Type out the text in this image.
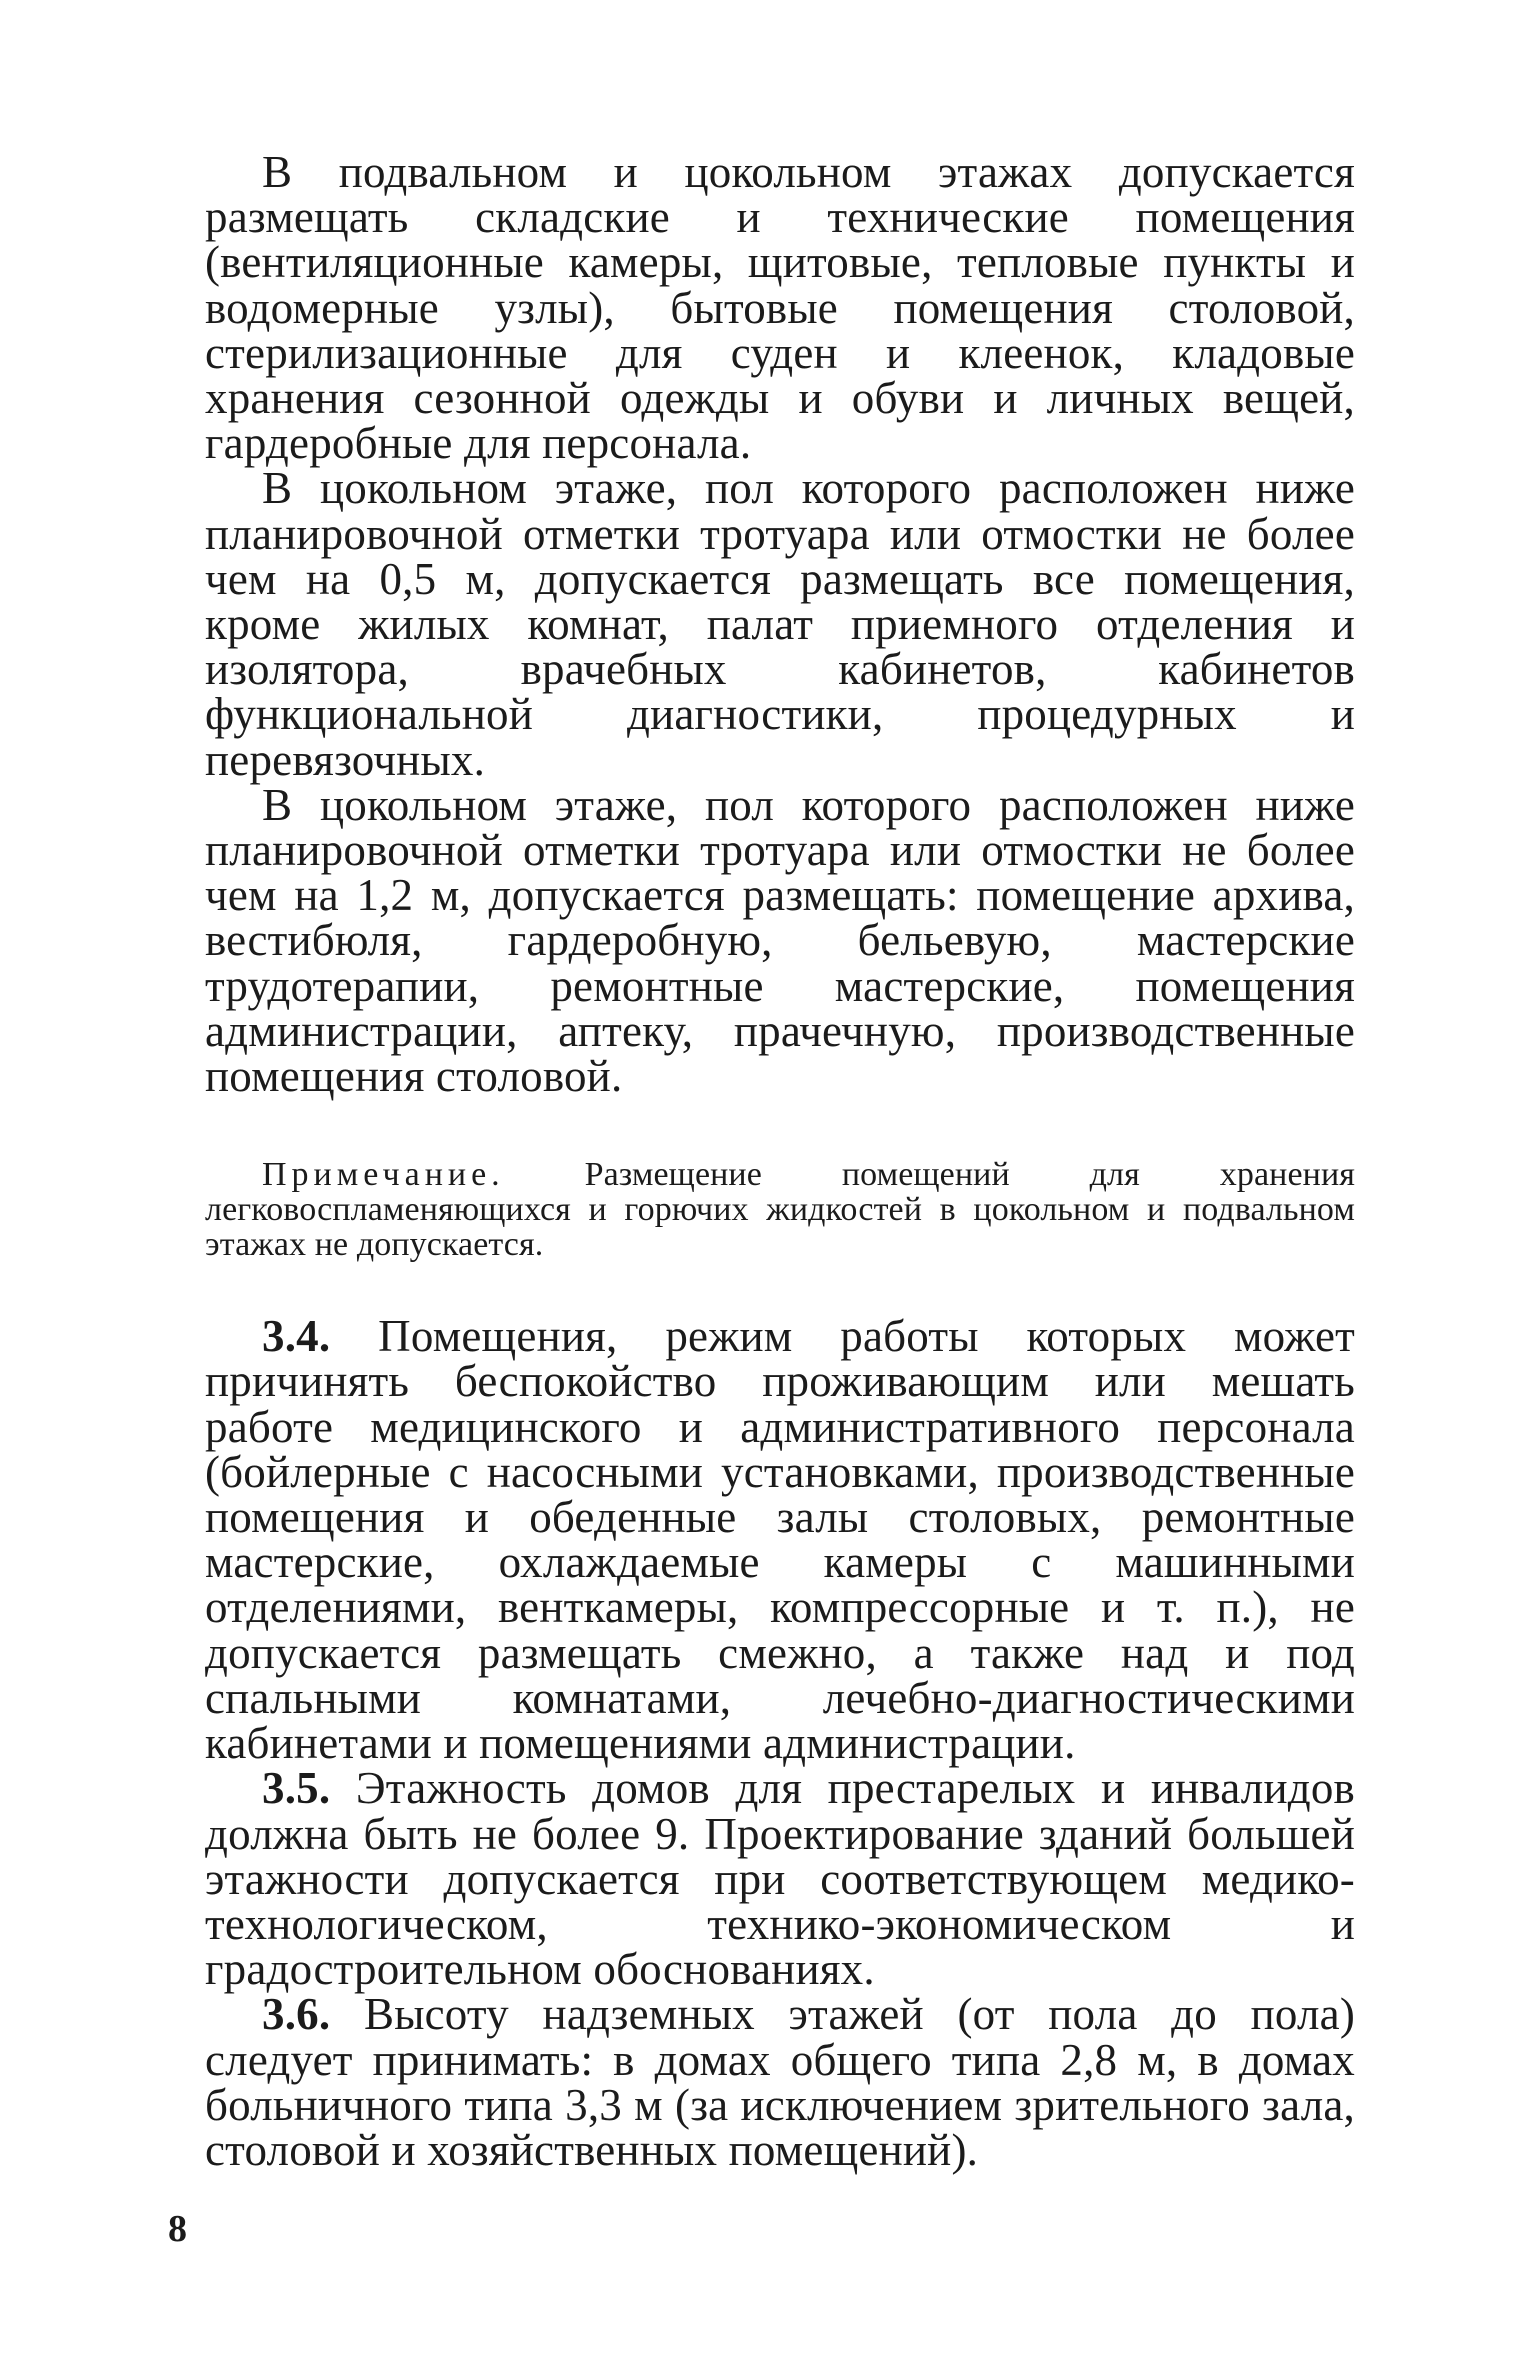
В подвальном и цокольном этажах допускается размещать складские и технические помещения (вентиляционные камеры, щитовые, тепловые пункты и водомерные узлы), бытовые помещения столовой, стерилизационные для суден и клеенок, кладовые хранения сезонной одежды и обуви и личных вещей, гардеробные для персонала.

В цокольном этаже, пол которого расположен ниже планировочной отметки тротуара или отмостки не более чем на 0,5 м, допускается размещать все помещения, кроме жилых комнат, палат приемного отделения и изолятора, врачебных кабинетов, кабинетов функциональной диагностики, процедурных и перевязочных.

В цокольном этаже, пол которого расположен ниже планировочной отметки тротуара или отмостки не более чем на 1,2 м, допускается размещать: помещение архива, вестибюля, гардеробную, бельевую, мастерские трудотерапии, ремонтные мастерские, помещения администрации, аптеку, прачечную, производственные помещения столовой.

Примечание. Размещение помещений для хранения легковоспламеняющихся и горючих жидкостей в цокольном и подвальном этажах не допускается.

3.4. Помещения, режим работы которых может причинять беспокойство проживающим или мешать работе медицинского и административного персонала (бойлерные с насосными установками, производственные помещения и обеденные залы столовых, ремонтные мастерские, охлаждаемые камеры с машинными отделениями, венткамеры, компрессорные и т. п.), не допускается размещать смежно, а также над и под спальными комнатами, лечебно-диагностическими кабинетами и помещениями администрации.

3.5. Этажность домов для престарелых и инвалидов должна быть не более 9. Проектирование зданий большей этажности допускается при соответствующем медико-технологическом, технико-экономическом и градостроительном обоснованиях.

3.6. Высоту надземных этажей (от пола до пола) следует принимать: в домах общего типа 2,8 м, в домах больничного типа 3,3 м (за исключением зрительного зала, столовой и хозяйственных помещений).

8
